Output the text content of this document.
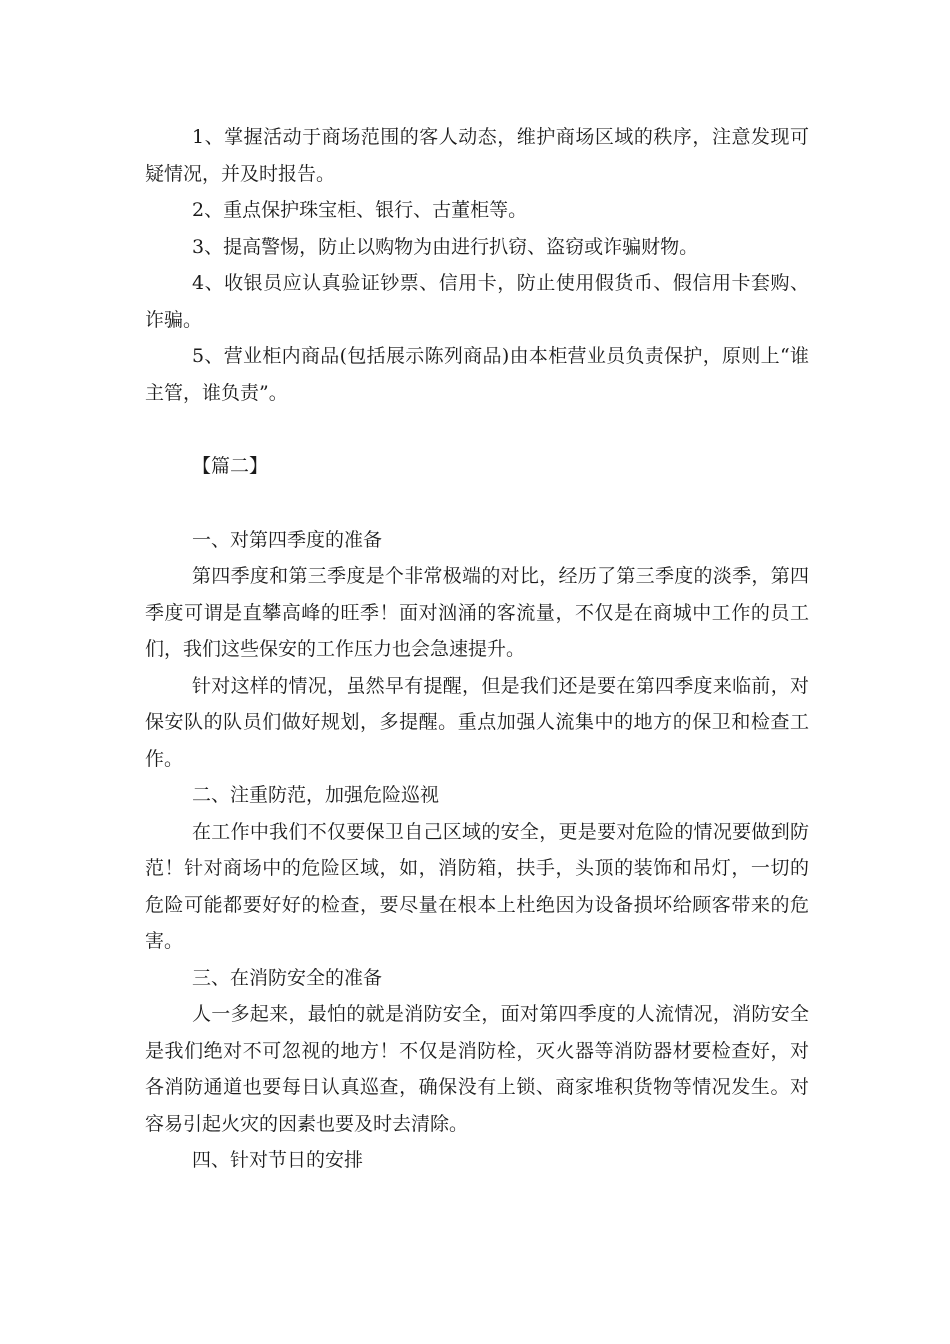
1、掌握活动于商场范围的客人动态，维护商场区域的秩序，注意发现可疑情况，并及时报告。

2、重点保护珠宝柜、银行、古董柜等。

3、提高警惕，防止以购物为由进行扒窃、盗窃或诈骗财物。

4、收银员应认真验证钞票、信用卡，防止使用假货币、假信用卡套购、诈骗。

5、营业柜内商品(包括展示陈列商品)由本柜营业员负责保护，原则上“谁主管，谁负责”。

【篇二】

一、对第四季度的准备

第四季度和第三季度是个非常极端的对比，经历了第三季度的淡季，第四季度可谓是直攀高峰的旺季！面对汹涌的客流量，不仅是在商城中工作的员工们，我们这些保安的工作压力也会急速提升。

针对这样的情况，虽然早有提醒，但是我们还是要在第四季度来临前，对保安队的队员们做好规划，多提醒。重点加强人流集中的地方的保卫和检查工作。

二、注重防范，加强危险巡视

在工作中我们不仅要保卫自己区域的安全，更是要对危险的情况要做到防范！针对商场中的危险区域，如，消防箱，扶手，头顶的装饰和吊灯，一切的危险可能都要好好的检查，要尽量在根本上杜绝因为设备损坏给顾客带来的危害。

三、在消防安全的准备

人一多起来，最怕的就是消防安全，面对第四季度的人流情况，消防安全是我们绝对不可忽视的地方！不仅是消防栓，灭火器等消防器材要检查好，对各消防通道也要每日认真巡查，确保没有上锁、商家堆积货物等情况发生。对容易引起火灾的因素也要及时去清除。

四、针对节日的安排
